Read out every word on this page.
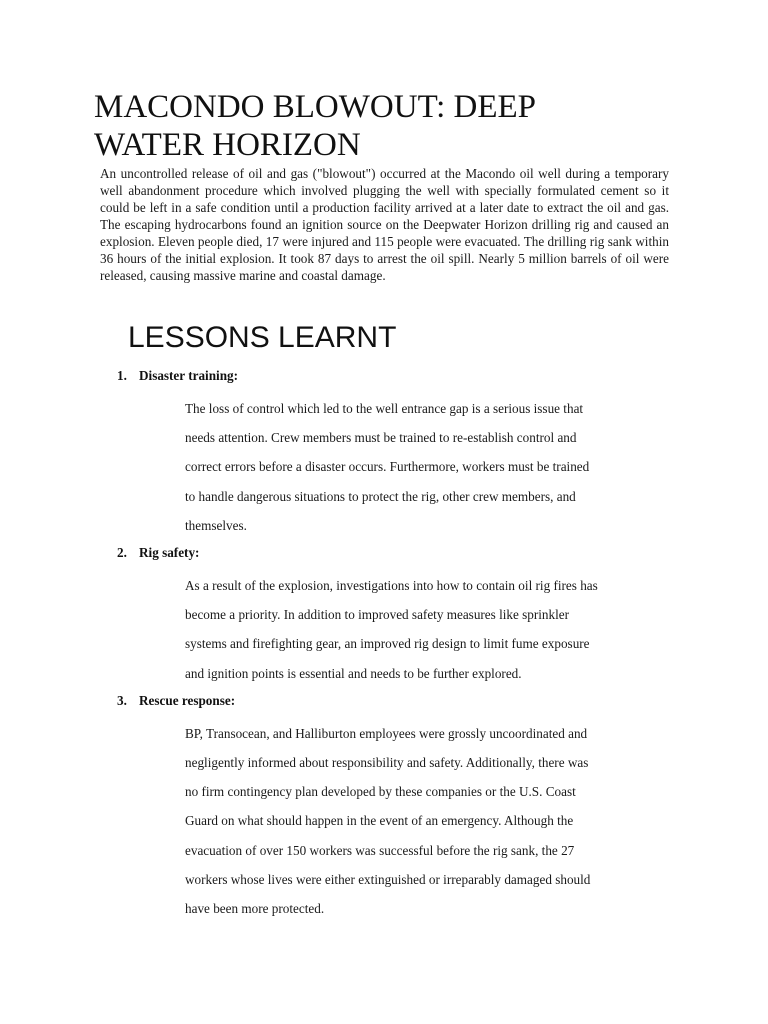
MACONDO BLOWOUT: DEEP
WATER HORIZON

An uncontrolled release of oil and gas ("blowout") occurred at the Macondo oil well during a temporary well abandonment procedure which involved plugging the well with specially formulated cement so it could be left in a safe condition until a production facility arrived at a later date to extract the oil and gas. The escaping hydrocarbons found an ignition source on the Deepwater Horizon drilling rig and caused an explosion. Eleven people died, 17 were injured and 115 people were evacuated. The drilling rig sank within 36 hours of the initial explosion. It took 87 days to arrest the oil spill. Nearly 5 million barrels of oil were released, causing massive marine and coastal damage.

LESSONS LEARNT
1. Disaster training:
The loss of control which led to the well entrance gap is a serious issue that
needs attention. Crew members must be trained to re-establish control and
correct errors before a disaster occurs. Furthermore, workers must be trained
to handle dangerous situations to protect the rig, other crew members, and
themselves.
2. Rig safety:
As a result of the explosion, investigations into how to contain oil rig fires has
become a priority. In addition to improved safety measures like sprinkler
systems and firefighting gear, an improved rig design to limit fume exposure
and ignition points is essential and needs to be further explored.
3. Rescue response:
BP, Transocean, and Halliburton employees were grossly uncoordinated and
negligently informed about responsibility and safety. Additionally, there was
no firm contingency plan developed by these companies or the U.S. Coast
Guard on what should happen in the event of an emergency. Although the
evacuation of over 150 workers was successful before the rig sank, the 27
workers whose lives were either extinguished or irreparably damaged should
have been more protected.
